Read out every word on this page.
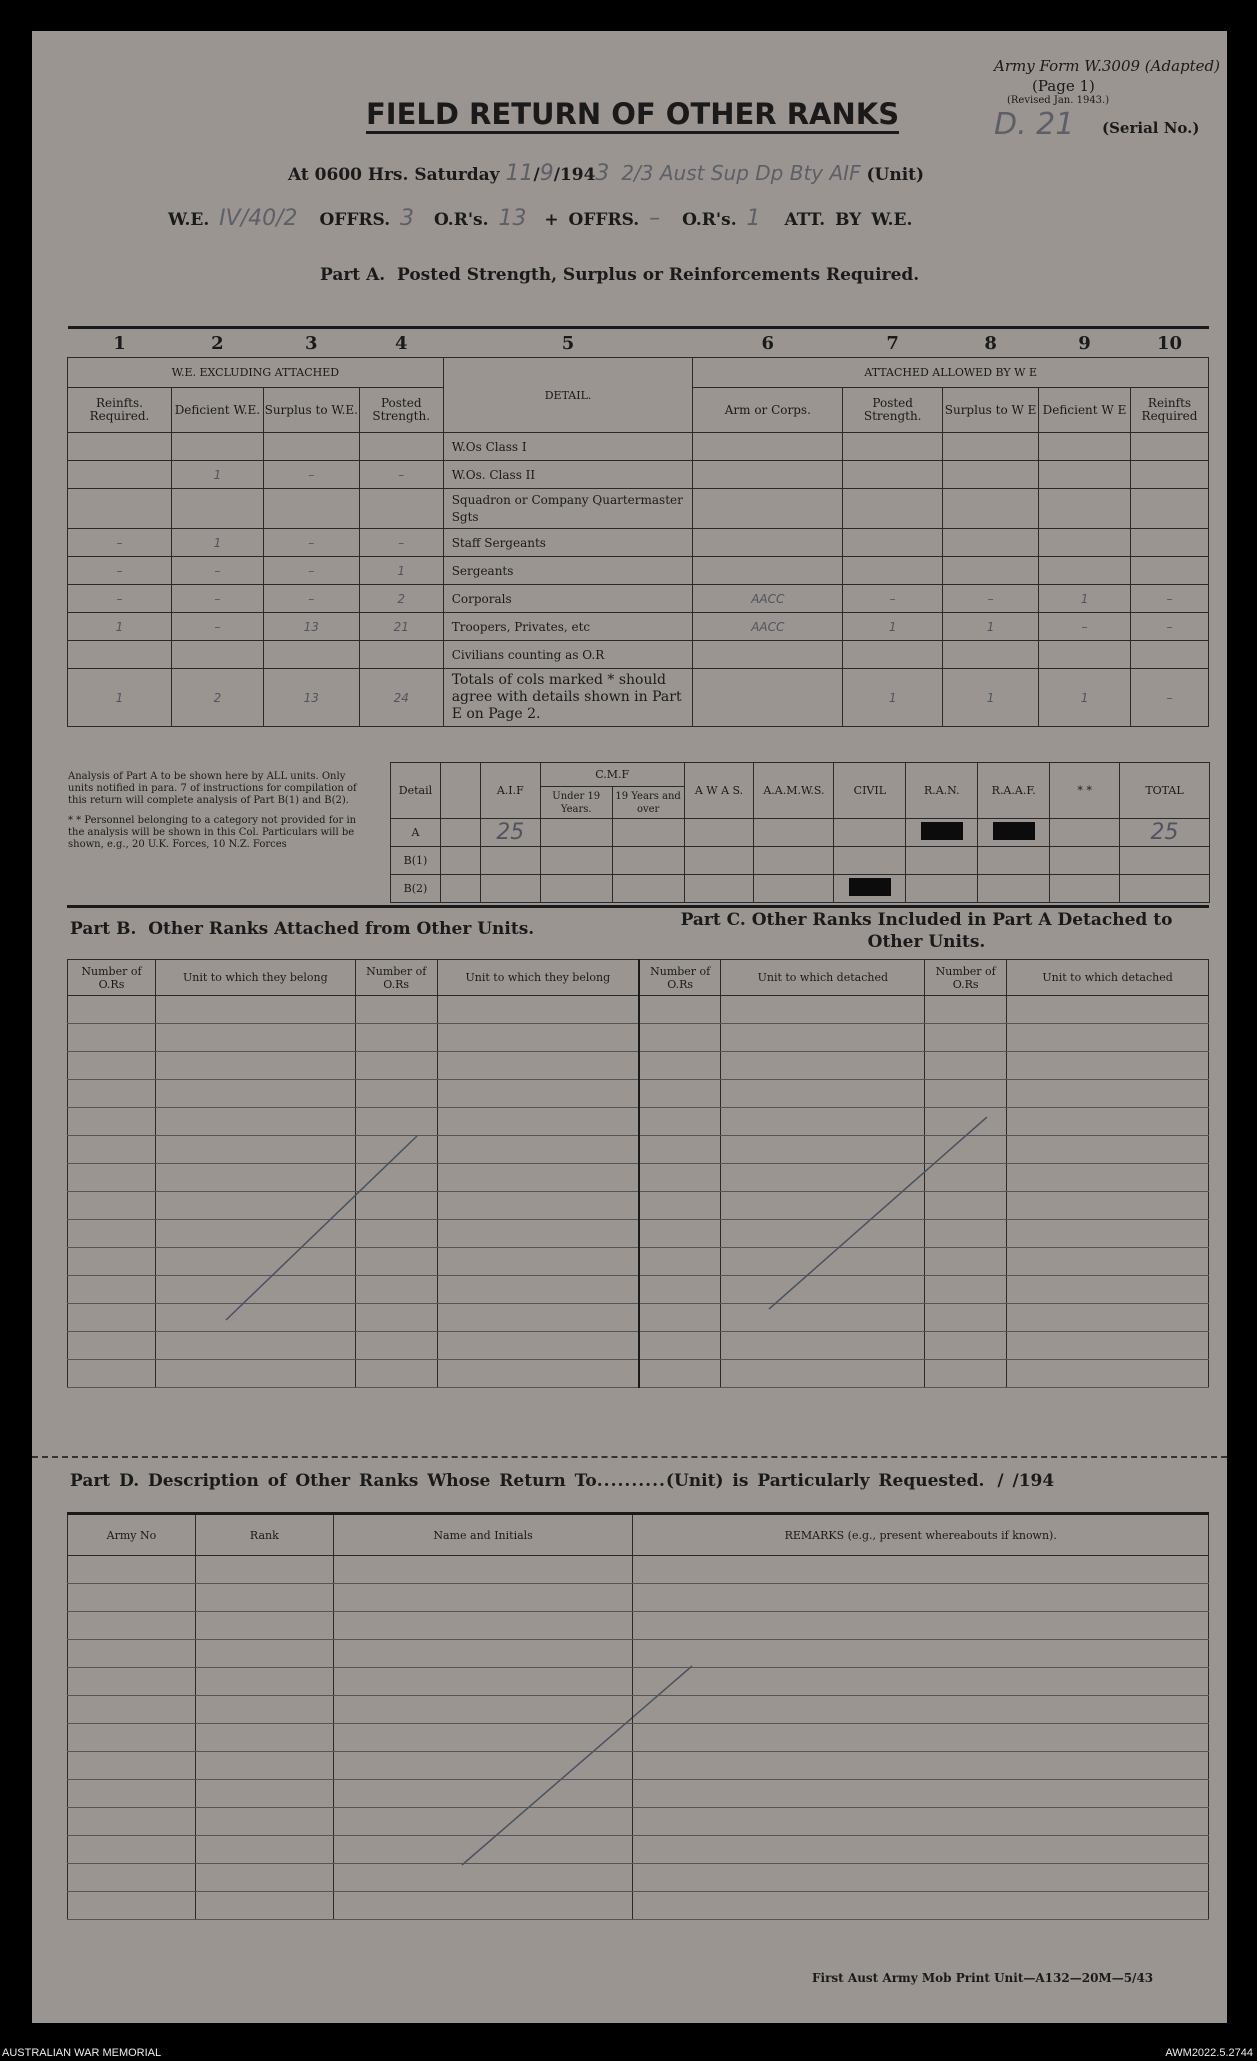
Army Form W.3009 (Adapted)
(Page 1)
(Revised Jan. 1943.)
D. 21 (Serial No.)
FIELD RETURN OF OTHER RANKS
At 0600 Hrs. Saturday 11/9/1943 2/3 Aust Sup Dp Bty AIF (Unit)
W.E. IV/40/2 OFFRS. 3 O.R's. 13 + OFFRS. – O.R's. 1 ATT. BY W.E.
Part A.  Posted Strength, Surplus or Reinforcements Required.
1	2	3	4	5	6	7	8	9	10
W.E. EXCLUDING ATTACHED				DETAIL.	ATTACHED ALLOWED BY W E				
Reinfts. Required.	Deficient W.E.	Surplus to W.E.	Posted Strength.		Arm or Corps.	Posted Strength.	Surplus to W E	Deficient W E	Reinfts Required
				W.Os Class I					
	1	–	–	W.Os. Class II					
				Squadron or Company Quartermaster Sgts					
–	1	–	–	Staff Sergeants					
–	–	–	1	Sergeants					
–	–	–	2	Corporals	AACC	–	–	1	–
1	–	13	21	Troopers, Privates, etc	AACC	1	1	–	–
				Civilians counting as O.R					
1	2	13	24	Totals of cols marked * should agree with details shown in Part E on Page 2.		1	1	1	–
Analysis of Part A to be shown here by ALL units. Only units notified in para. 7 of instructions for compilation of this return will complete analysis of Part B(1) and B(2).
* * Personnel belonging to a category not provided for in the analysis will be shown in this Col. Particulars will be shown, e.g., 20 U.K. Forces, 10 N.Z. Forces
Detail		A.I.F	C.M.F		A W A S.	A.A.M.W.S.	CIVIL	R.A.N.	R.A.A.F.	* *	TOTAL
			Under 19 Years.	19 Years and over							
A		25									25
B(1)											
B(2)											
Part B.  Other Ranks Attached from Other Units.	Part C. Other Ranks Included in Part A Detached to Other Units.
Number of O.Rs	Unit to which they belong	Number of O.Rs	Unit to which they belong	Number of O.Rs	Unit to which detached	Number of O.Rs	Unit to which detached

Part D. Description of Other Ranks Whose Return To..........(Unit) is Particularly Requested. / /194
Army No	Rank	Name and Initials	REMARKS (e.g., present whereabouts if known).

First Aust Army Mob Print Unit—A132—20M—5/43
AUSTRALIAN WAR MEMORIAL	AWM2022.5.2744
